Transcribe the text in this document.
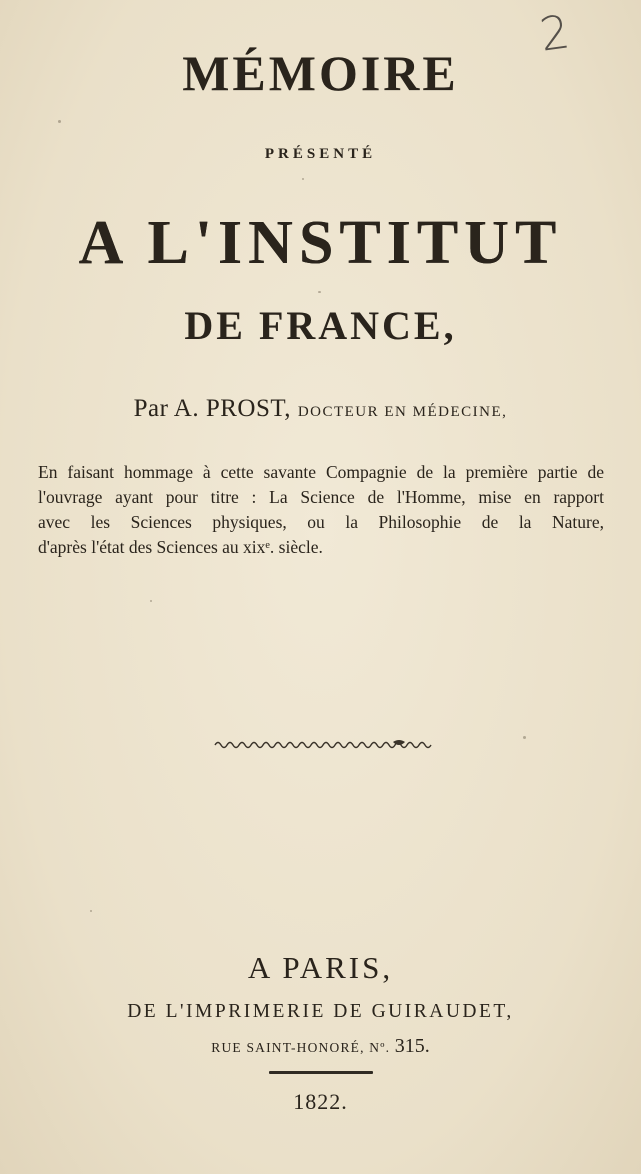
2
MÉMOIRE
PRÉSENTÉ
A L'INSTITUT
DE FRANCE,
Par A. PROST, DOCTEUR EN MÉDECINE,
En faisant hommage à cette savante Compagnie de la première partie de
l'ouvrage ayant pour titre : La Science de l'Homme, mise en rapport
avec les Sciences physiques, ou la Philosophie de la Nature,
d'après l'état des Sciences au xixᵉ. siècle.
A PARIS,
DE L'IMPRIMERIE DE GUIRAUDET,
RUE SAINT-HONORÉ, Nº. 315.
1822.
